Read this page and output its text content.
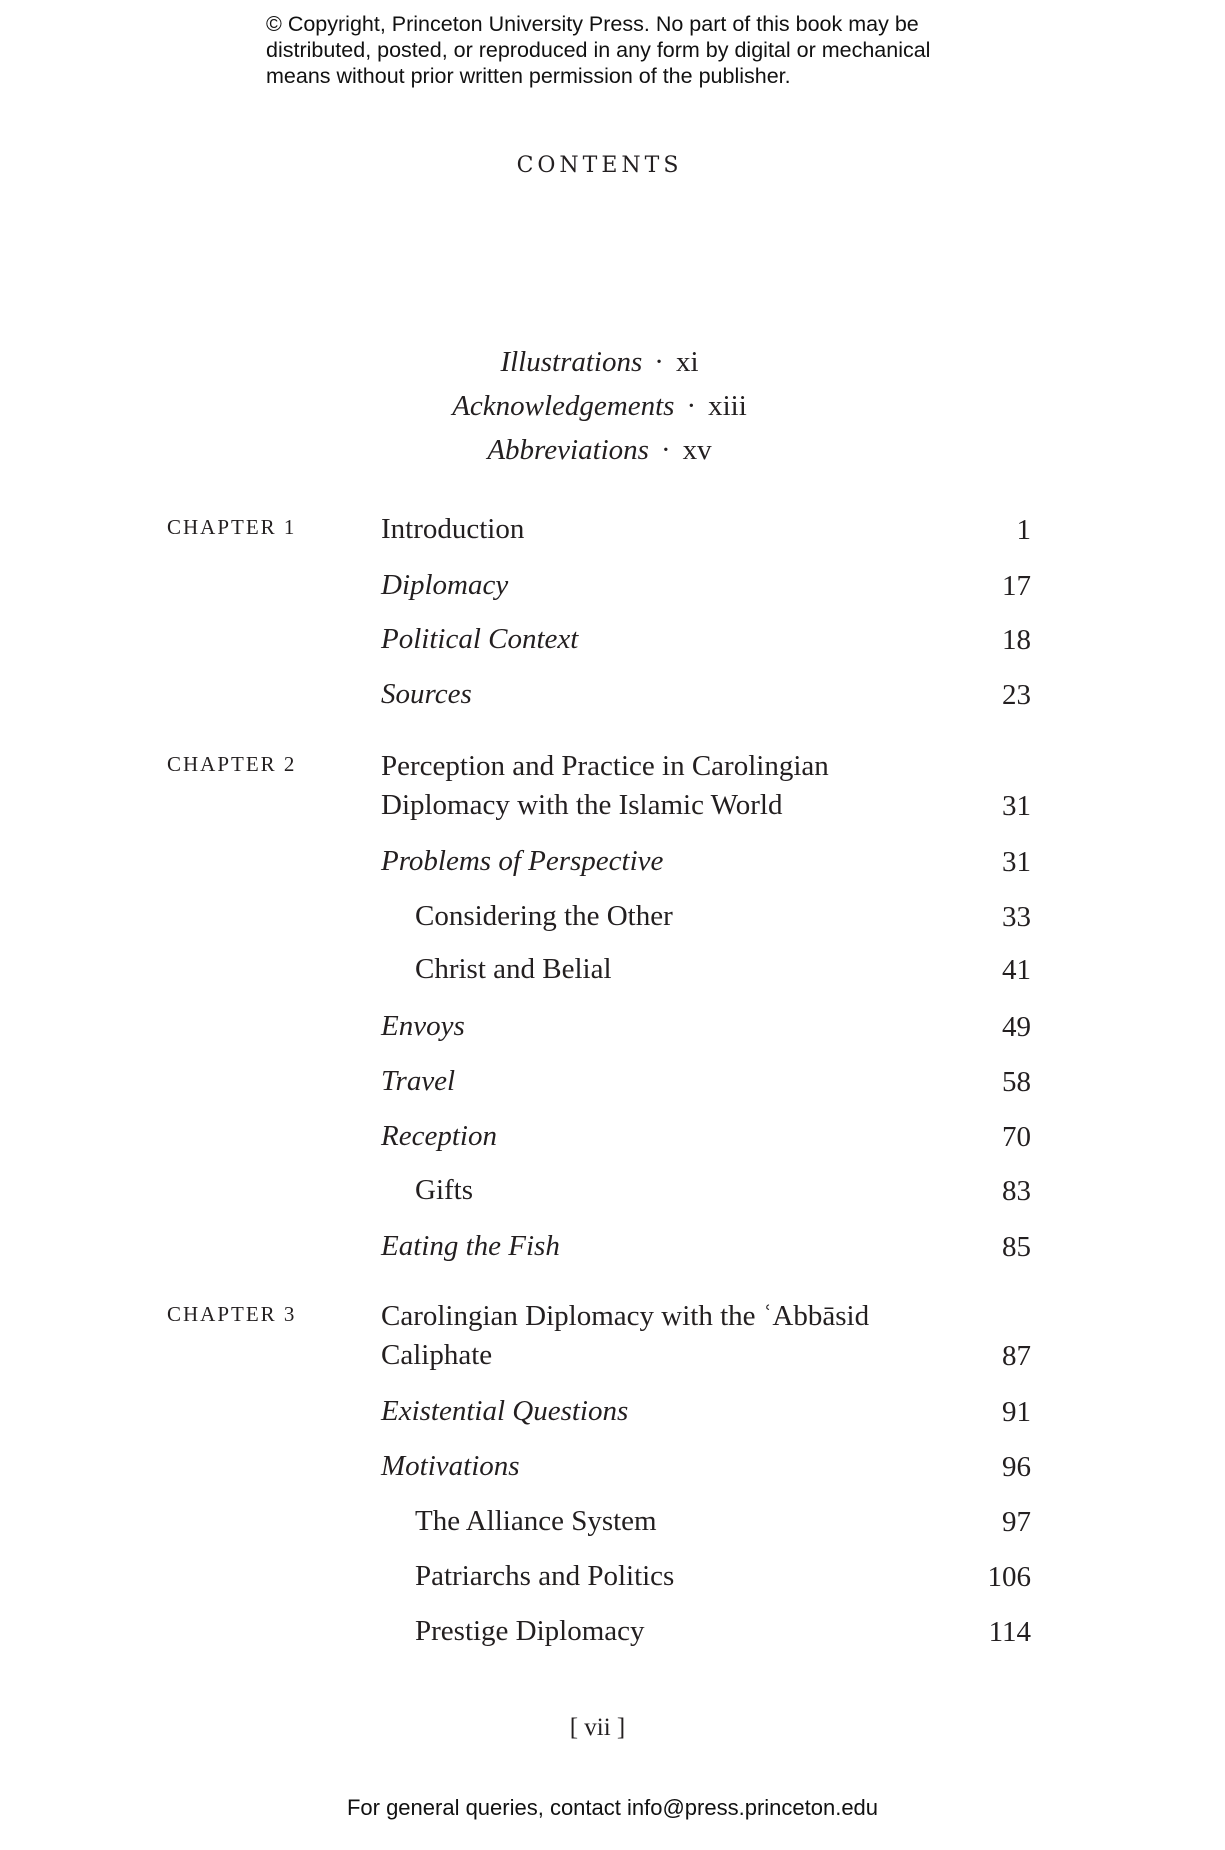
© Copyright, Princeton University Press. No part of this book may be
distributed, posted, or reproduced in any form by digital or mechanical
means without prior written permission of the publisher.
CONTENTS
Illustrations · xi
Acknowledgements · xiii
Abbreviations · xv
CHAPTER 1	Introduction	1
Diplomacy	17
Political Context	18
Sources	23
CHAPTER 2	Perception and Practice in Carolingian
Diplomacy with the Islamic World	31
Problems of Perspective	31
Considering the Other	33
Christ and Belial	41
Envoys	49
Travel	58
Reception	70
Gifts	83
Eating the Fish	85
CHAPTER 3	Carolingian Diplomacy with the ʿAbbāsid
Caliphate	87
Existential Questions	91
Motivations	96
The Alliance System	97
Patriarchs and Politics	106
Prestige Diplomacy	114
[ vii ]
For general queries, contact info@press.princeton.edu
